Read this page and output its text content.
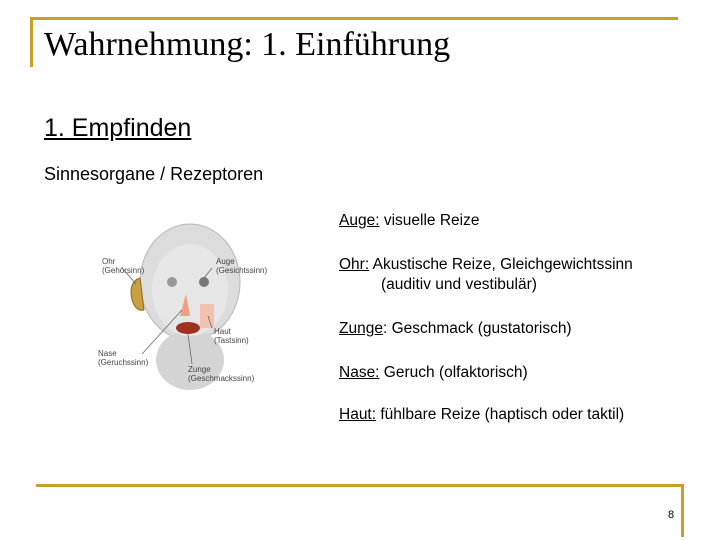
Wahrnehmung: 1. Einführung
1. Empfinden
Sinnesorgane / Rezeptoren
Ohr
(Gehörsinn)
Auge
(Gesichtssinn)
Haut
(Tastsinn)
Nase
(Geruchssinn)
Zunge
(Geschmackssinn)
Auge: visuelle Reize
Ohr: Akustische Reize, Gleichgewichtssinn
(auditiv und vestibulär)
Zunge: Geschmack (gustatorisch)
Nase: Geruch (olfaktorisch)
Haut: fühlbare Reize (haptisch oder taktil)
8
